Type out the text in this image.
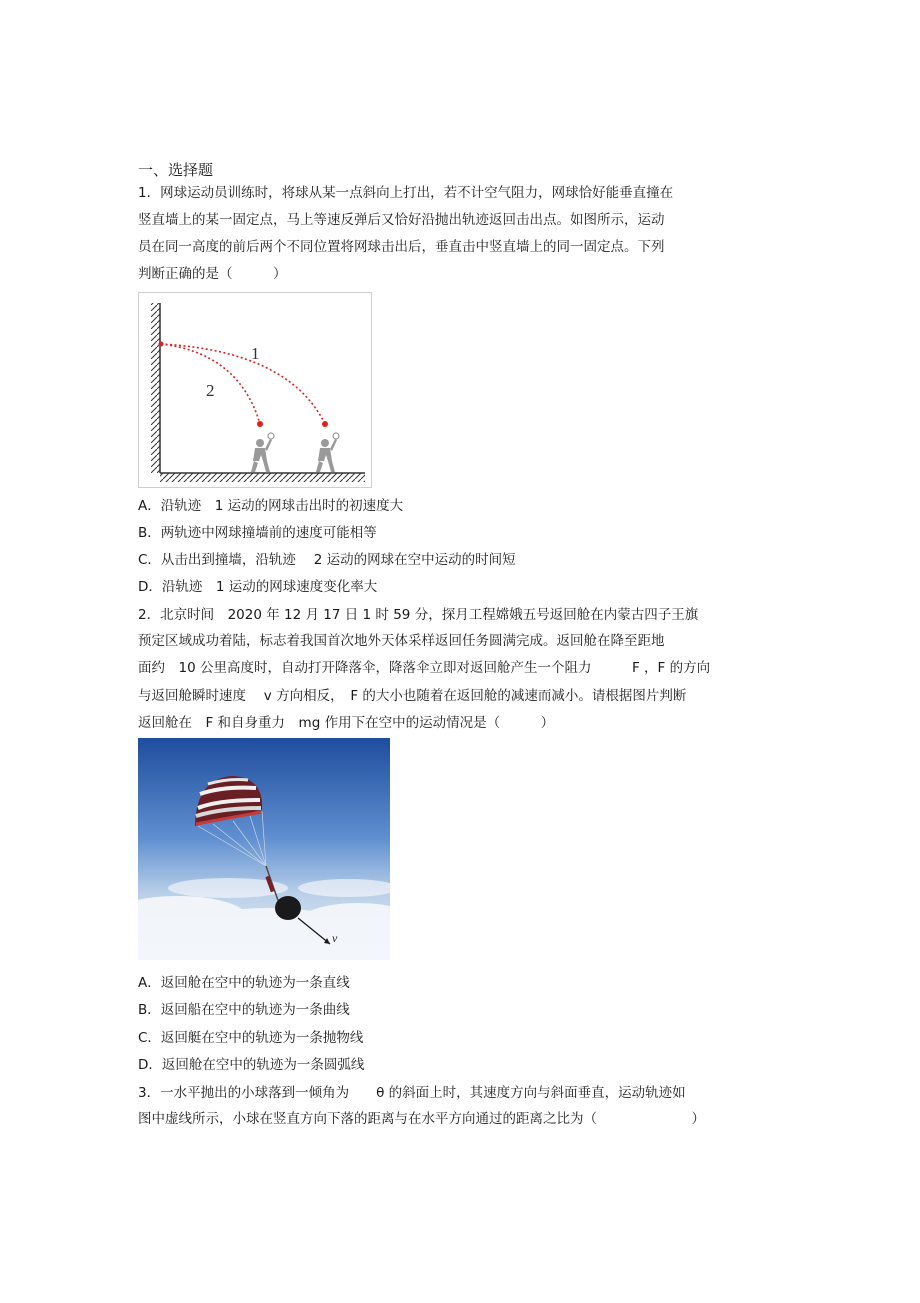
一、选择题
1．网球运动员训练时，将球从某一点斜向上打出，若不计空气阻力，网球恰好能垂直撞在
竖直墙上的某一固定点，马上等速反弹后又恰好沿抛出轨迹返回击出点。如图所示，运动
员在同一高度的前后两个不同位置将网球击出后，垂直击中竖直墙上的同一固定点。下列
判断正确的是（　　　）
1
2
A．沿轨迹　1 运动的网球击出时的初速度大
B．两轨迹中网球撞墙前的速度可能相等
C．从击出到撞墙，沿轨迹　 2 运动的网球在空中运动的时间短
D．沿轨迹　1 运动的网球速度变化率大
2．北京时间　2020 年 12 月 17 日 1 时 59 分，探月工程嫦娥五号返回舱在内蒙古四子王旗
预定区域成功着陆，标志着我国首次地外天体采样返回任务圆满完成。返回舱在降至距地
面约　10 公里高度时，自动打开降落伞，降落伞立即对返回舱产生一个阻力　　　F ，F 的方向
与返回舱瞬时速度　 v 方向相反，　F 的大小也随着在返回舱的减速而减小。请根据图片判断
返回舱在　F 和自身重力　mg 作用下在空中的运动情况是（　　　）
v
A．返回舱在空中的轨迹为一条直线
B．返回船在空中的轨迹为一条曲线
C．返回艇在空中的轨迹为一条抛物线
D．返回舱在空中的轨迹为一条圆弧线
3．一水平抛出的小球落到一倾角为　　θ 的斜面上时，其速度方向与斜面垂直，运动轨迹如
图中虚线所示，小球在竖直方向下落的距离与在水平方向通过的距离之比为（　　　　　　　）
